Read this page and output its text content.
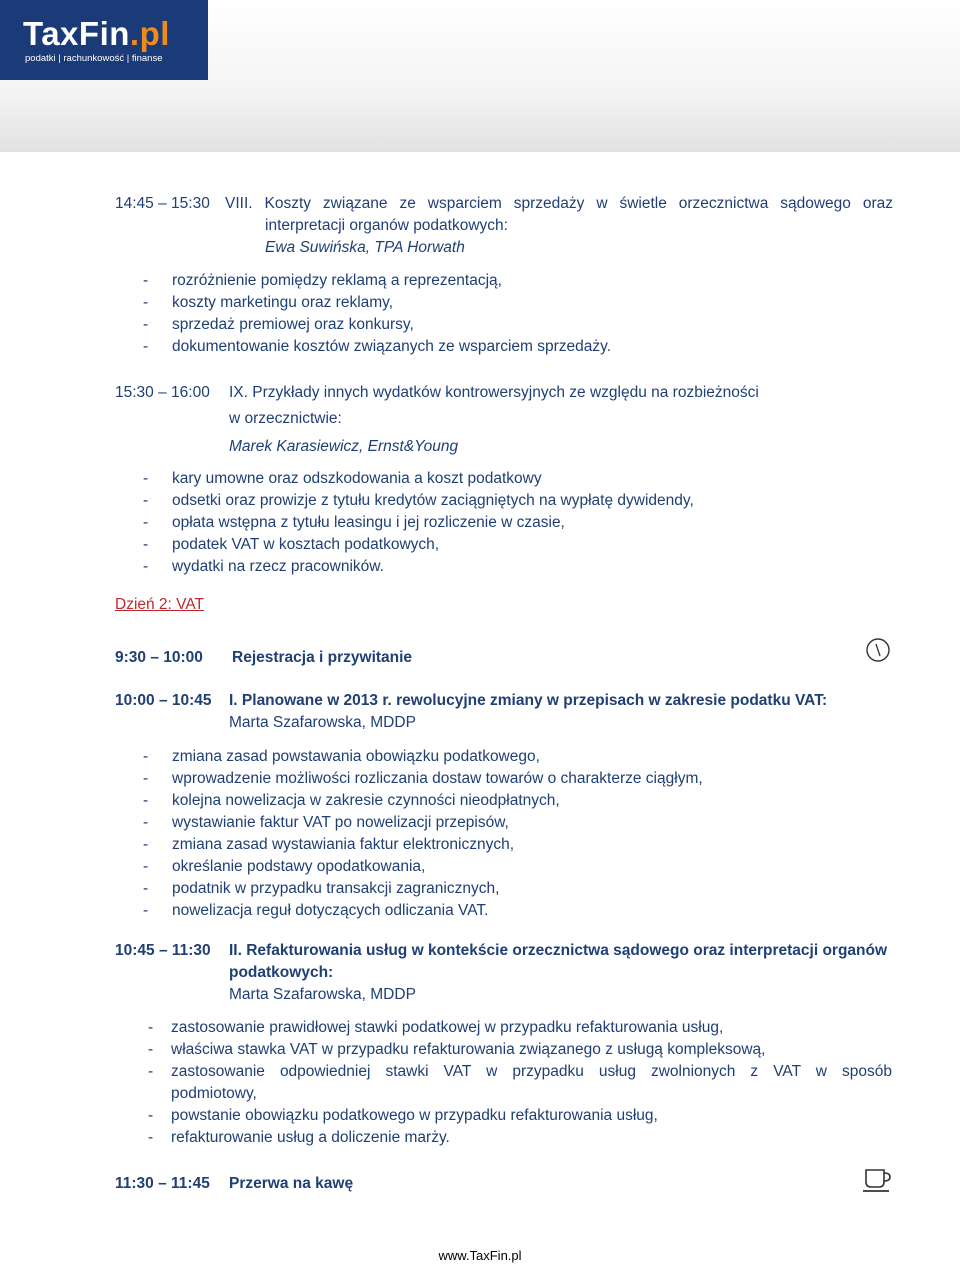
TaxFin.pl
podatki | rachunkowość | finanse
14:45 – 15:30 VIII. Koszty związane ze wsparciem sprzedaży w świetle orzecznictwa sądowego oraz
interpretacji organów podatkowych:
Ewa Suwińska, TPA Horwath
- rozróżnienie pomiędzy reklamą a reprezentacją,
- koszty marketingu oraz reklamy,
- sprzedaż premiowej oraz konkursy,
- dokumentowanie kosztów związanych ze wsparciem sprzedaży.
15:30 – 16:00 IX. Przykłady innych wydatków kontrowersyjnych ze względu na rozbieżności
w orzecznictwie:
Marek Karasiewicz, Ernst&Young
- kary umowne oraz odszkodowania a koszt podatkowy
- odsetki oraz prowizje z tytułu kredytów zaciągniętych na wypłatę dywidendy,
- opłata wstępna z tytułu leasingu i jej rozliczenie w czasie,
- podatek VAT w kosztach podatkowych,
- wydatki na rzecz pracowników.
Dzień 2: VAT
9:30 – 10:00 Rejestracja i przywitanie
10:00 – 10:45 I. Planowane w 2013 r. rewolucyjne zmiany w przepisach w zakresie podatku VAT:
Marta Szafarowska, MDDP
- zmiana zasad powstawania obowiązku podatkowego,
- wprowadzenie możliwości rozliczania dostaw towarów o charakterze ciągłym,
- kolejna nowelizacja w zakresie czynności nieodpłatnych,
- wystawianie faktur VAT po nowelizacji przepisów,
- zmiana zasad wystawiania faktur elektronicznych,
- określanie podstawy opodatkowania,
- podatnik w przypadku transakcji zagranicznych,
- nowelizacja reguł dotyczących odliczania VAT.
10:45 – 11:30 II. Refakturowania usług w kontekście orzecznictwa sądowego oraz interpretacji organów
podatkowych:
Marta Szafarowska, MDDP
- zastosowanie prawidłowej stawki podatkowej w przypadku refakturowania usług,
- właściwa stawka VAT w przypadku refakturowania związanego z usługą kompleksową,
- zastosowanie odpowiedniej stawki VAT w przypadku usług zwolnionych z VAT w sposób
podmiotowy,
- powstanie obowiązku podatkowego w przypadku refakturowania usług,
- refakturowanie usług a doliczenie marży.
11:30 – 11:45 Przerwa na kawę
www.TaxFin.pl
